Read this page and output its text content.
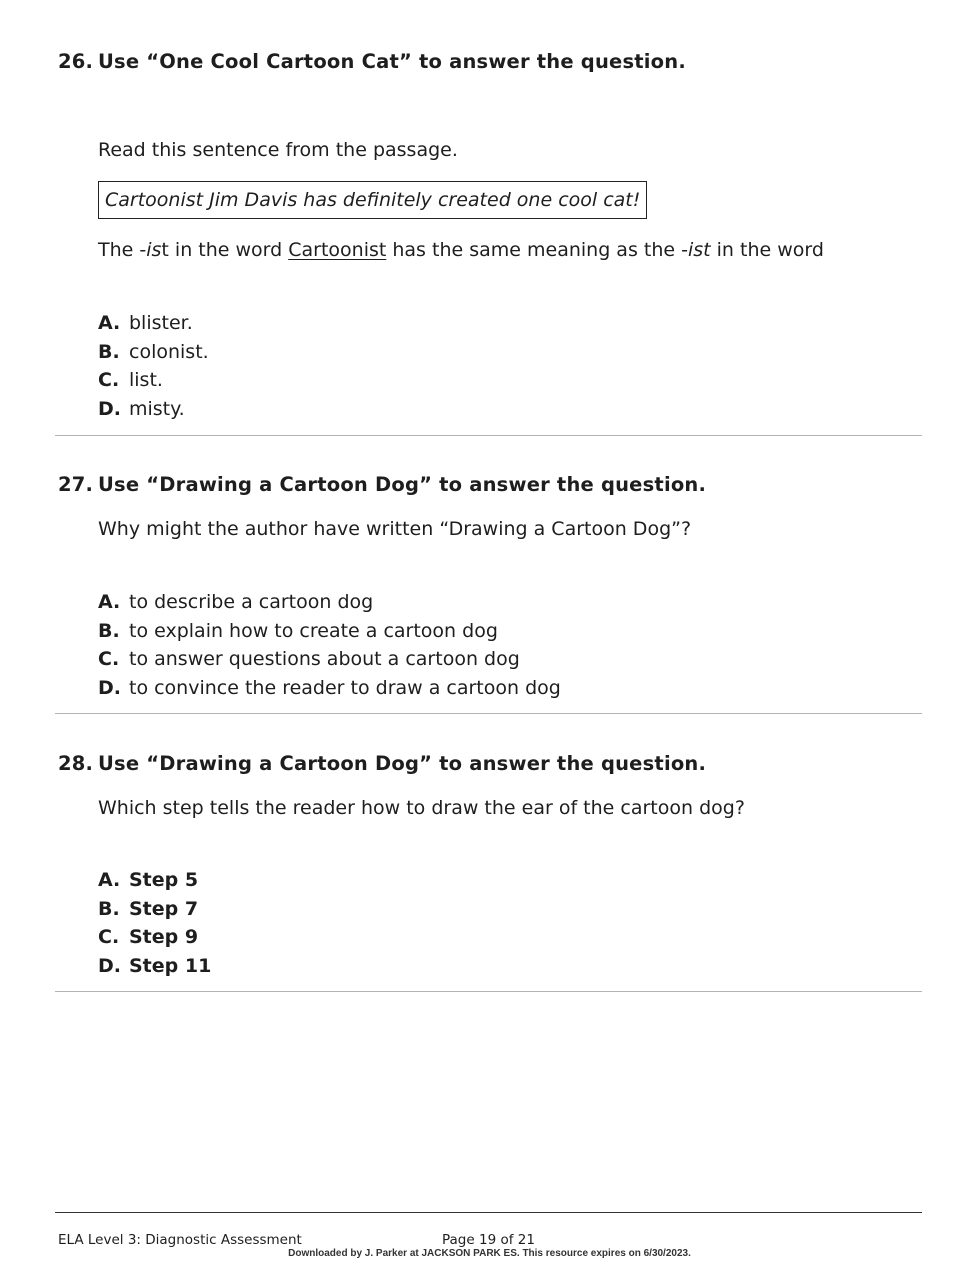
26. Use “One Cool Cartoon Cat” to answer the question.
Read this sentence from the passage.
Cartoonist Jim Davis has definitely created one cool cat!
The -ist in the word Cartoonist has the same meaning as the -ist in the word
A. blister.
B. colonist.
C. list.
D. misty.
27. Use “Drawing a Cartoon Dog” to answer the question.
Why might the author have written “Drawing a Cartoon Dog”?
A. to describe a cartoon dog
B. to explain how to create a cartoon dog
C. to answer questions about a cartoon dog
D. to convince the reader to draw a cartoon dog
28. Use “Drawing a Cartoon Dog” to answer the question.
Which step tells the reader how to draw the ear of the cartoon dog?
A. Step 5
B. Step 7
C. Step 9
D. Step 11
ELA Level 3: Diagnostic Assessment	Page 19 of 21
Downloaded by J. Parker at JACKSON PARK ES. This resource expires on 6/30/2023.
